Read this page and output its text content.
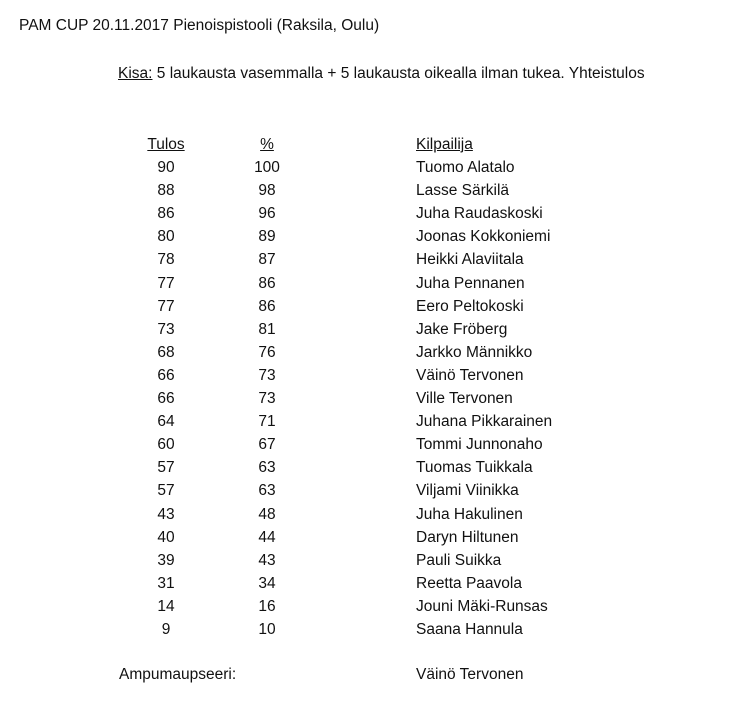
PAM CUP 20.11.2017 Pienoispistooli (Raksila, Oulu)
Kisa: 5 laukausta vasemmalla + 5 laukausta oikealla ilman tukea. Yhteistulos
Tulos	%	Kilpailija
90	100	Tuomo Alatalo
88	98	Lasse Särkilä
86	96	Juha Raudaskoski
80	89	Joonas Kokkoniemi
78	87	Heikki Alaviitala
77	86	Juha Pennanen
77	86	Eero Peltokoski
73	81	Jake Fröberg
68	76	Jarkko Männikko
66	73	Väinö Tervonen
66	73	Ville Tervonen
64	71	Juhana Pikkarainen
60	67	Tommi Junnonaho
57	63	Tuomas Tuikkala
57	63	Viljami Viinikka
43	48	Juha Hakulinen
40	44	Daryn Hiltunen
39	43	Pauli Suikka
31	34	Reetta Paavola
14	16	Jouni Mäki-Runsas
9	10	Saana Hannula
Ampumaupseeri:	Väinö Tervonen
